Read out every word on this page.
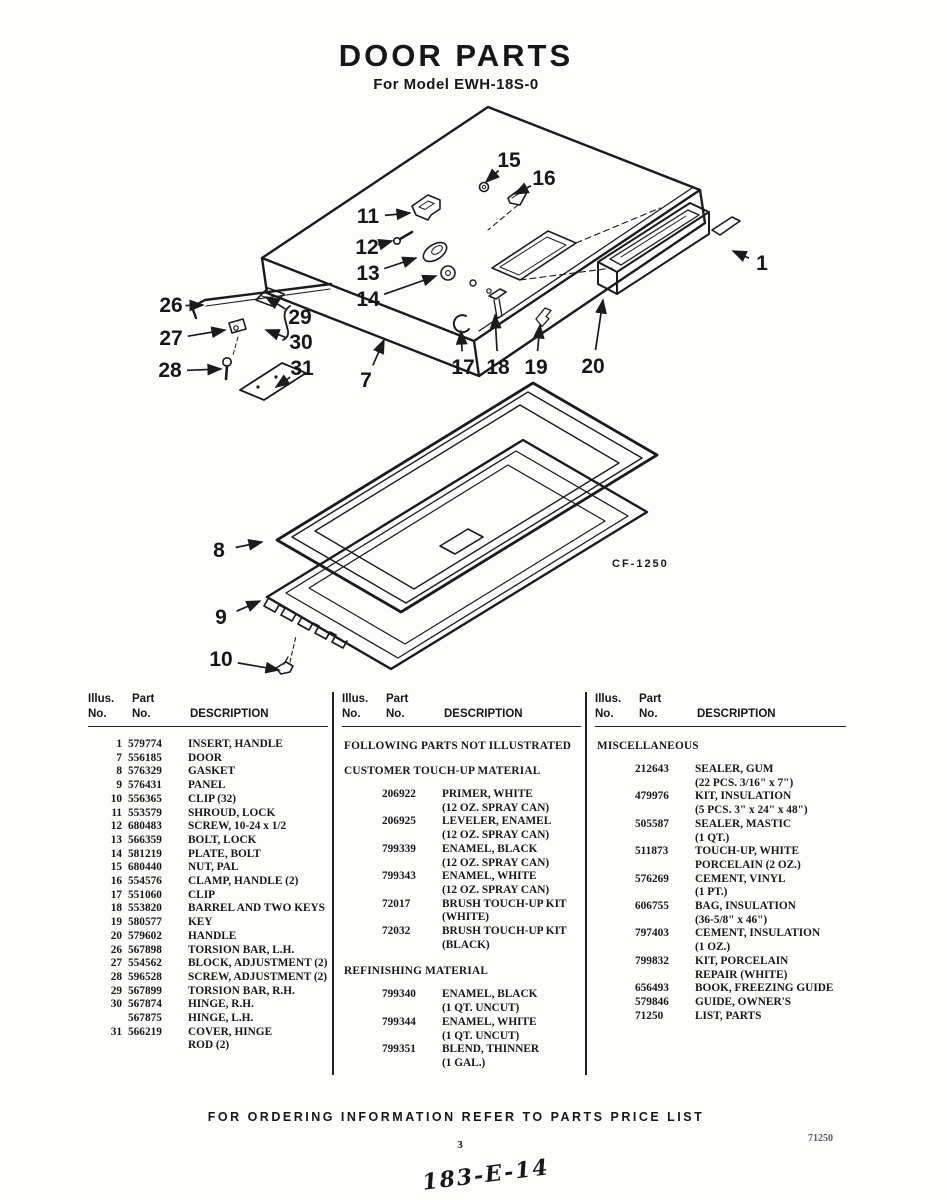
DOOR PARTS
For Model EWH-18S-0
11
12
13
14
15
16
26
27
28
29
30
31
7
17 18 19 20
1
8
9
10
CF-1250
Illus.	Part
No.	No.	DESCRIPTION
1 579774	INSERT, HANDLE
7 556185	DOOR
8 576329	GASKET
9 576431	PANEL
10 556365	CLIP (32)
11 553579	SHROUD, LOCK
12 680483	SCREW, 10-24 x 1/2
13 566359	BOLT, LOCK
14 581219	PLATE, BOLT
15 680440	NUT, PAL
16 554576	CLAMP, HANDLE (2)
17 551060	CLIP
18 553820	BARREL AND TWO KEYS
19 580577	KEY
20 579602	HANDLE
26 567898	TORSION BAR, L.H.
27 554562	BLOCK, ADJUSTMENT (2)
28 596528	SCREW, ADJUSTMENT (2)
29 567899	TORSION BAR, R.H.
30 567874	HINGE, R.H.
567875	HINGE, L.H.
31 566219	COVER, HINGE
ROD (2)
Illus.	Part
No.	No.	DESCRIPTION
FOLLOWING PARTS NOT ILLUSTRATED
CUSTOMER TOUCH-UP MATERIAL
206922	PRIMER, WHITE
(12 OZ. SPRAY CAN)
206925	LEVELER, ENAMEL
(12 OZ. SPRAY CAN)
799339	ENAMEL, BLACK
(12 OZ. SPRAY CAN)
799343	ENAMEL, WHITE
(12 OZ. SPRAY CAN)
72017	BRUSH TOUCH-UP KIT
(WHITE)
72032	BRUSH TOUCH-UP KIT
(BLACK)
REFINISHING MATERIAL
799340	ENAMEL, BLACK
(1 QT. UNCUT)
799344	ENAMEL, WHITE
(1 QT. UNCUT)
799351	BLEND, THINNER
(1 GAL.)
Illus.	Part
No.	No.	DESCRIPTION
MISCELLANEOUS
212643	SEALER, GUM
(22 PCS. 3/16" x 7")
479976	KIT, INSULATION
(5 PCS. 3" x 24" x 48")
505587	SEALER, MASTIC
(1 QT.)
511873	TOUCH-UP, WHITE
PORCELAIN (2 OZ.)
576269	CEMENT, VINYL
(1 PT.)
606755	BAG, INSULATION
(36-5/8" x 46")
797403	CEMENT, INSULATION
(1 OZ.)
799832	KIT, PORCELAIN
REPAIR (WHITE)
656493	BOOK, FREEZING GUIDE
579846	GUIDE, OWNER'S
71250	LIST, PARTS
FOR ORDERING INFORMATION REFER TO PARTS PRICE LIST
3
71250
183-E-14
